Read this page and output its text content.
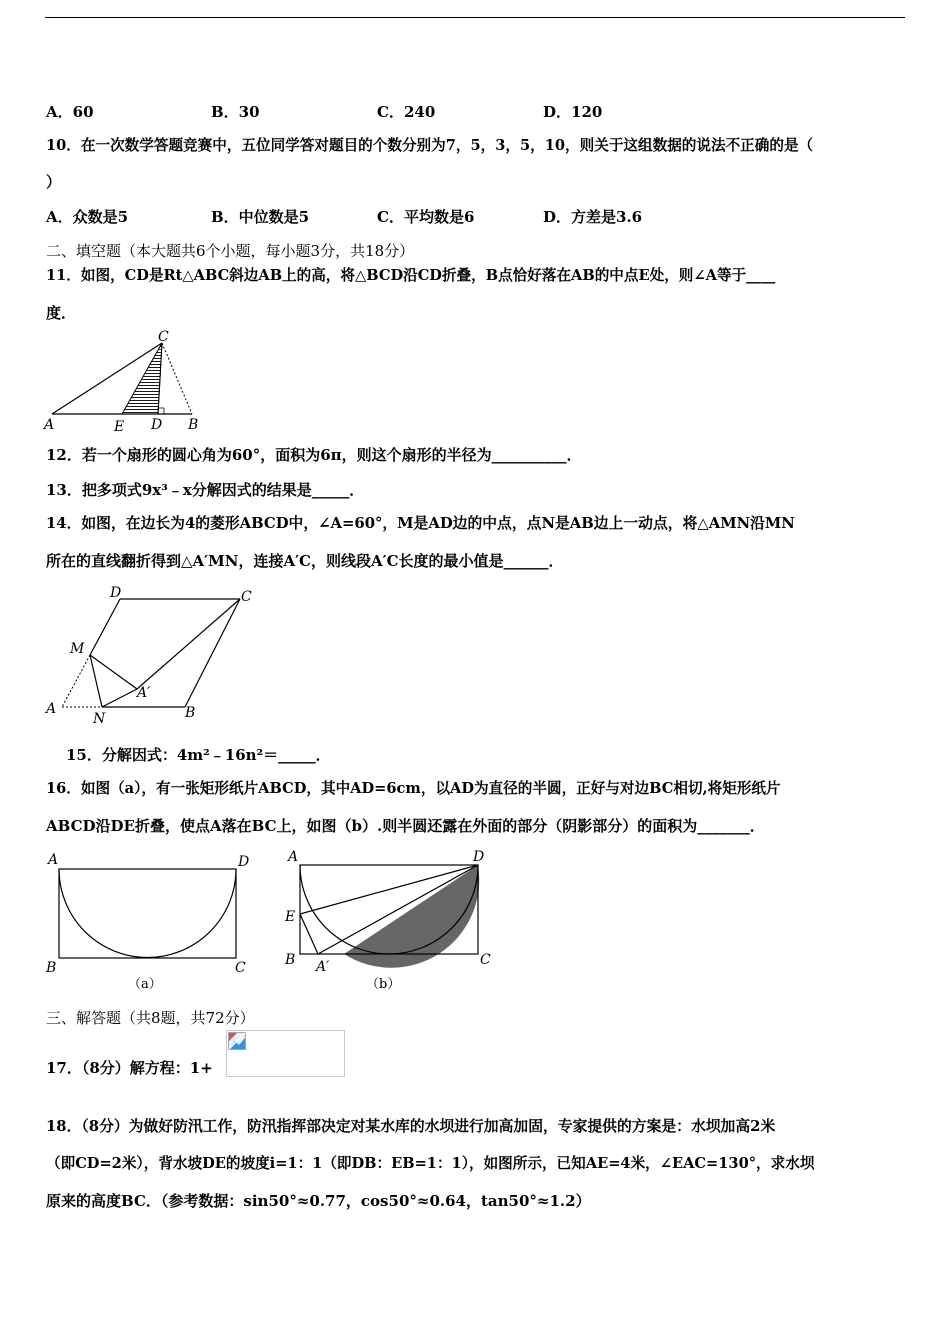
A．60	B．30	C．240	D．120
10．在一次数学答题竞赛中，五位同学答对题目的个数分别为7，5，3，5，10，则关于这组数据的说法不正确的是（
）
A．众数是5	B．中位数是5	C．平均数是6	D．方差是3.6
二、填空题（本大题共6个小题，每小题3分，共18分）
11．如图，CD是Rt△ABC斜边AB上的高，将△BCD沿CD折叠，B点恰好落在AB的中点E处，则∠A等于____
度．
C
A	E D B
12．若一个扇形的圆心角为60°，面积为6π，则这个扇形的半径为__________．
13．把多项式9x³﹣x分解因式的结果是_____．
14．如图，在边长为4的菱形ABCD中，∠A=60°，M是AD边的中点，点N是AB边上一动点，将△AMN沿MN
所在的直线翻折得到△A′MN，连接A′C，则线段A′C长度的最小值是______．
D	C
M
A′
A
N	B
15．分解因式：4m²﹣16n²＝_____．
16．如图（a），有一张矩形纸片ABCD，其中AD=6cm，以AD为直径的半圆，正好与对边BC相切,将矩形纸片
ABCD沿DE折叠，使点A落在BC上，如图（b）.则半圆还露在外面的部分（阴影部分）的面积为_______．
A	D
B	C
（a）
A	D
E
B A′	C
（b）
三、解答题（共8题，共72分）
17．（8分）解方程：1+
18．（8分）为做好防汛工作，防汛指挥部决定对某水库的水坝进行加高加固，专家提供的方案是：水坝加高2米
（即CD=2米），背水坡DE的坡度i=1：1（即DB：EB=1：1），如图所示，已知AE=4米，∠EAC=130°，求水坝
原来的高度BC．（参考数据：sin50°≈0.77，cos50°≈0.64，tan50°≈1.2）
